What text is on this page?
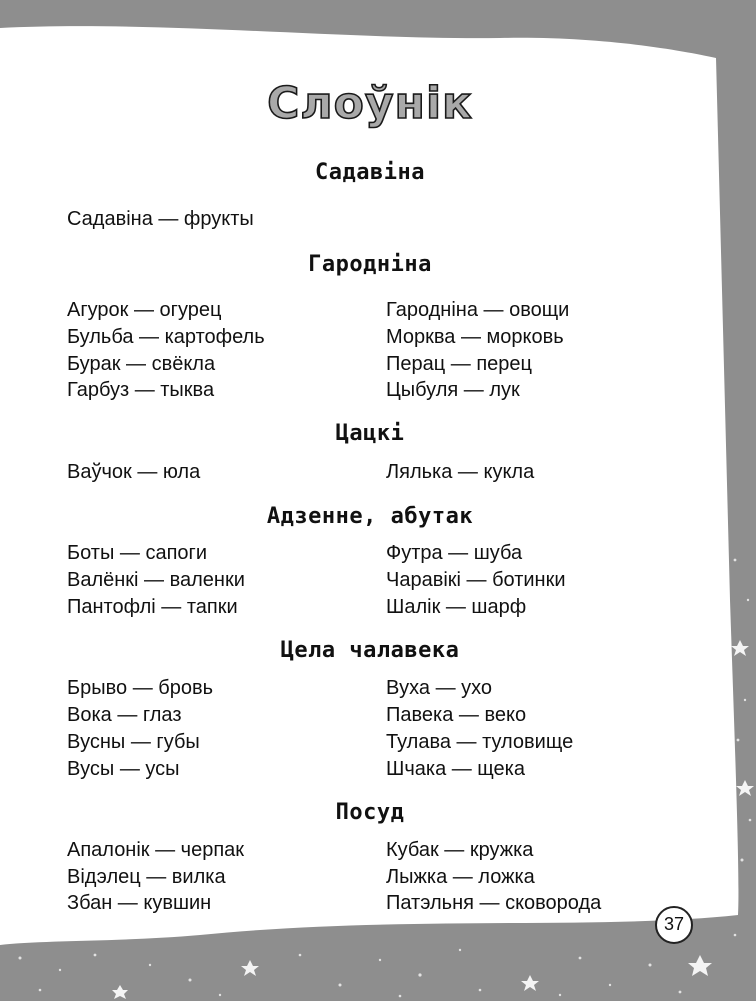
Слоўнік
Садавіна
Садавіна — фрукты
Гароднiна
Агурок — огурец
Бульба — картофель
Бурак — свёкла
Гарбуз — тыква
Гароднiна — овощи
Морква — морковь
Перац — перец
Цыбуля — лук
Цацкi
Ваўчок — юла	Лялька — кукла
Адзенне, абутак
Боты — сапоги
Валёнкі — валенки
Пантофлі — тапки
Футра — шуба
Чаравікі — ботинки
Шалік — шарф
Цела чалавека
Брыво — бровь
Вока — глаз
Вусны — губы
Вусы — усы
Вуха — ухо
Павека — веко
Тулава — туловище
Шчака — щека
Посуд
Апалонік — черпак
Відэлец — вилка
Збан — кувшин
Кубак — кружка
Лыжка — ложка
Патэльня — сковорода
37
